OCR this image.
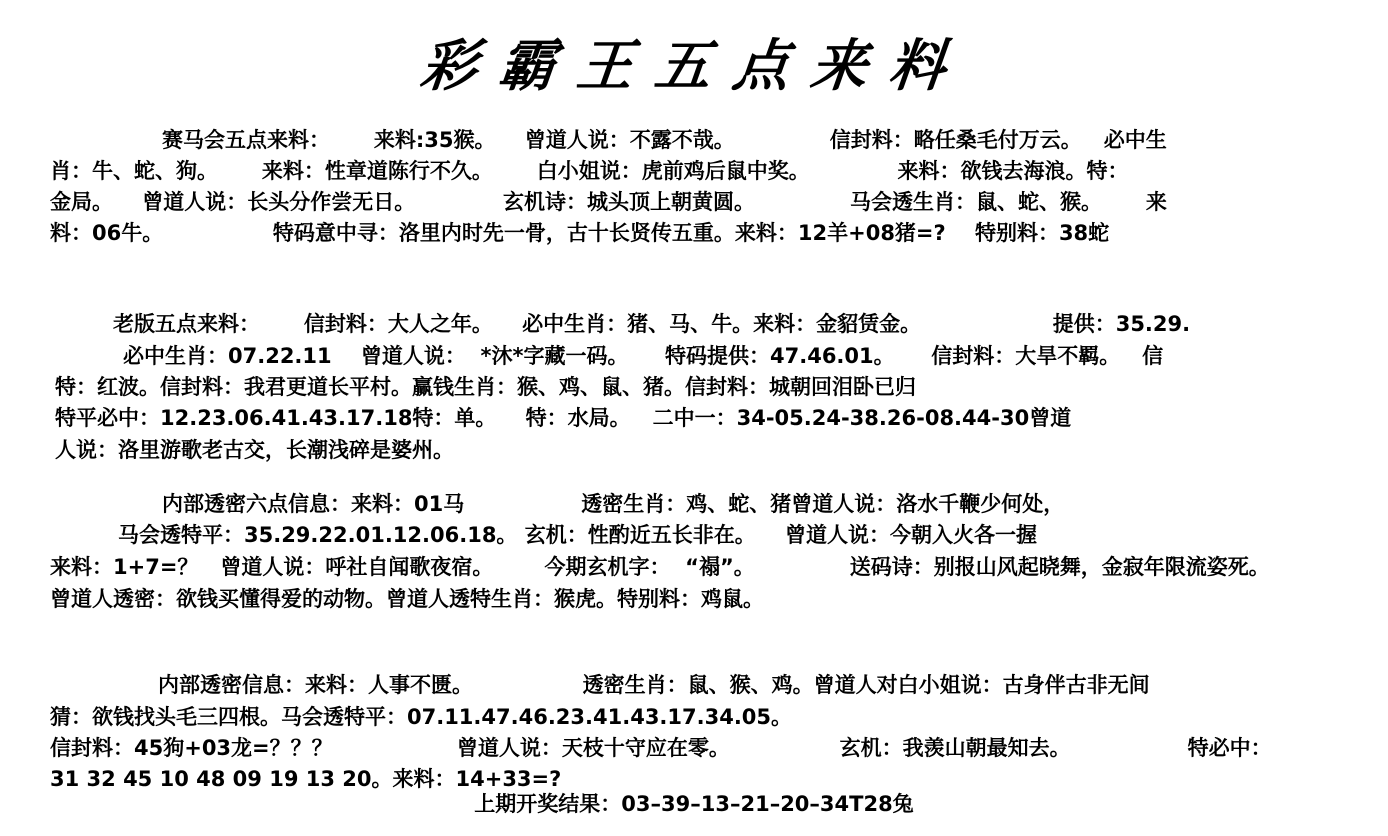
彩霸王五点来料
赛马会五点来料：      来料:35猴。    曾道人说：不露不哉。             信封料：略任桑毛付万云。   必中生
肖：牛、蛇、狗。      来料：性章道陈行不久。      白小姐说：虎前鸡后鼠中奖。            来料：欲钱去海浪。特：
金局。    曾道人说：长头分作尝无日。            玄机诗：城头顶上朝黄圆。             马会透生肖：鼠、蛇、猴。      来
料：06牛。               特码意中寻：洛里内时先一骨，古十长贤传五重。来料：12羊+08猪=?    特别料：38蛇
老版五点来料：      信封料：大人之年。    必中生肖：猪、马、牛。来料：金貂赁金。                  提供：35.29.
必中生肖：07.22.11    曾道人说：  *沐*字藏一码。     特码提供：47.46.01。     信封料：大旱不羁。   信
特：红波。信封料：我君更道长平村。赢钱生肖：猴、鸡、鼠、猪。信封料：城朝回泪卧已归
特平必中：12.23.06.41.43.17.18特：单。    特：水局。   二中一：34-05.24-38.26-08.44-30曾道
人说：洛里游歌老古交，长潮浅碎是婆州。
内部透密六点信息：来料：01马                透密生肖：鸡、蛇、猪曾道人说：洛水千鞭少何处，
马会透特平：35.29.22.01.12.06.18。 玄机：性酌近五长非在。    曾道人说：今朝入火各一握
来料：1+7=？   曾道人说：呼社自闻歌夜宿。       今期玄机字：  “禢”。             送码诗：别报山风起晓舞，金寂年限流姿死。
曾道人透密：欲钱买懂得爱的动物。曾道人透特生肖：猴虎。特别料：鸡鼠。
内部透密信息：来料：人事不匮。               透密生肖：鼠、猴、鸡。曾道人对白小姐说：古身伴古非无间
猜：欲钱找头毛三四根。马会透特平：07.11.47.46.23.41.43.17.34.05。
信封料：45狗+03龙=？？？                 曾道人说：天枝十守应在零。               玄机：我羡山朝最知去。                特必中：
31 32 45 10 48 09 19 13 20。来料：14+33=?
上期开奖结果：03–39–13–21–20–34T28兔
